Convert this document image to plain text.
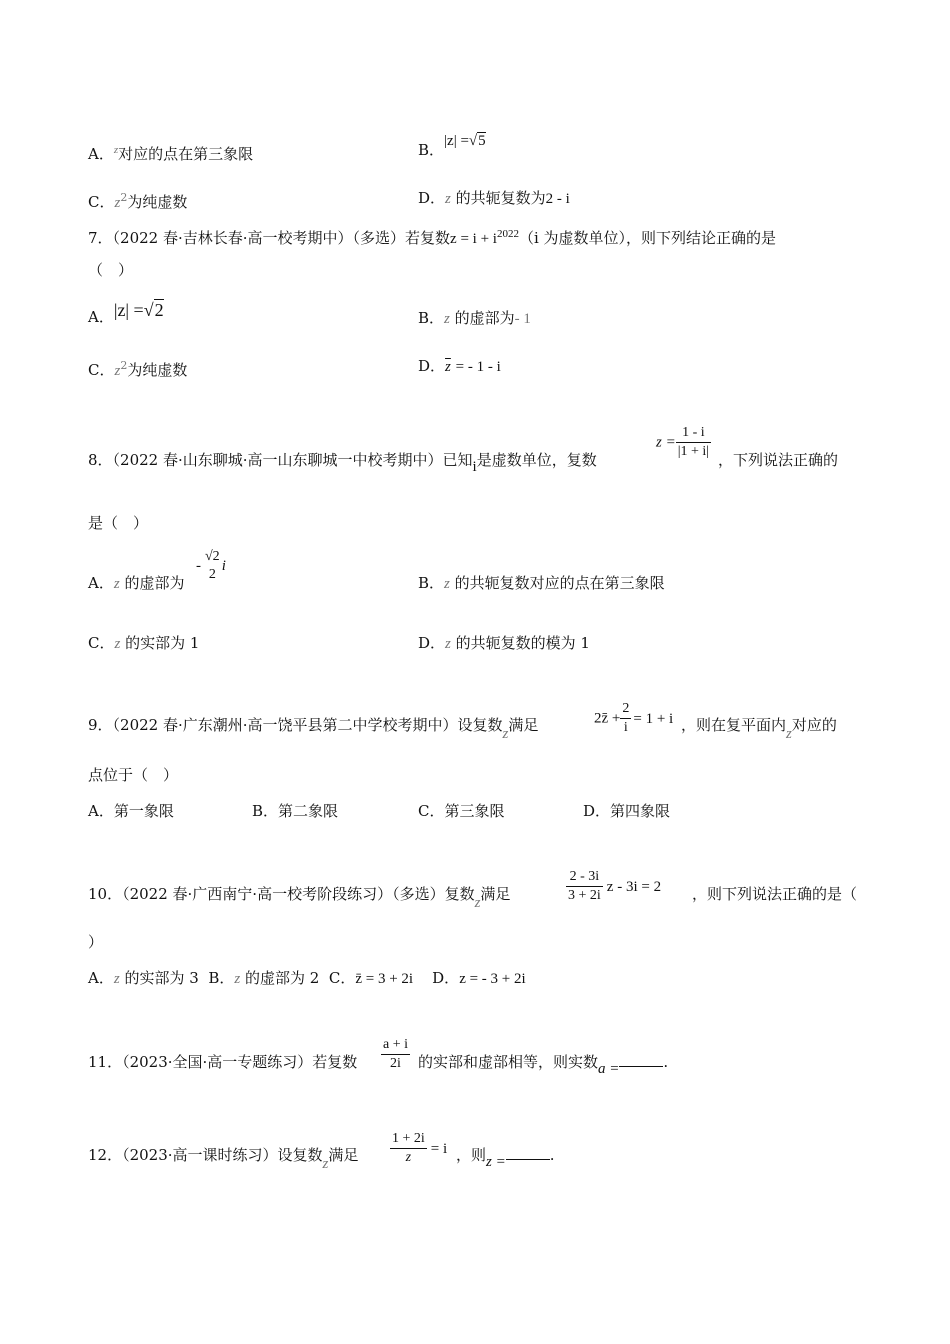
A．$^z$对应的点在第三象限	B．|z| =√5
C．$z^2$为纯虚数	D．z 的共轭复数为2 - i
7．（2022 春·吉林长春·高一校考期中）（多选）若复数$z = i + i^{2022}(i$ 为虚数单位），则下列结论正确的是
（　）
A．|z| =√2	B．z 的虚部为- 1
C．$z^2$为纯虚数	D．$\overline{z}$ = - 1 - i
8．（2022 春·山东聊城·高一山东聊城一中校考期中）已知i是虚数单位，复数
$z = \frac{1 - i}{|1 + i|}$ ，下列说法正确的
是（　）
A．z 的虚部为
-
√2
2
i
B．z 的共轭复数对应的点在第三象限
C．z 的实部为 1	D．z 的共轭复数的模为 1
9．（2022 春·广东潮州·高一饶平县第二中学校考期中）设复数z满足	2z̄ + $\frac{2}{i} = 1 + i$ ，则在复平面内z对应的
点位于（　）
A．第一象限	B．第二象限	C．第三象限	D．第四象限
10．（2022 春·广西南宁·高一校考阶段练习）（多选）复数z满足	$\frac{2 - 3i}{3 + 2i}$ z - 3i = 2 ，则下列说法正确的是（
）
A．z 的实部为 3 B．z 的虚部为 2 C．z̄ = 3 + 2i D．z = - 3 + 2i
11．（2023·全国·高一专题练习）若复数 $\frac{a + i}{2i}$ 的实部和虚部相等，则实数a =	.
12．（2023·高一课时练习）设复数z满足 $\frac{1 + 2i}{z} = i$ ，则z =	.
